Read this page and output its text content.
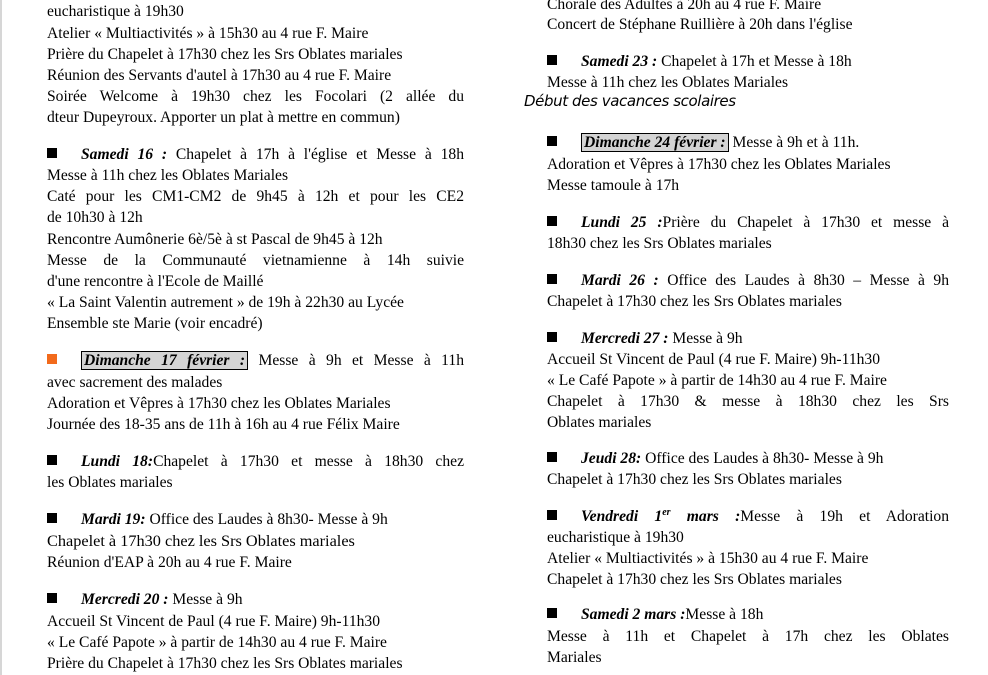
eucharistique à 19h30
Atelier « Multiactivités » à 15h30 au 4 rue F. Maire
Prière du Chapelet à 17h30 chez les Srs Oblates mariales
Réunion des Servants d'autel à 17h30 au 4 rue F. Maire
Soirée Welcome à 19h30 chez les Focolari (2 allée du
dteur Dupeyroux. Apporter un plat à mettre en commun)
Samedi 16 : Chapelet à 17h à l'église et Messe à 18h
Messe à 11h chez les Oblates Mariales
Caté pour les CM1-CM2 de 9h45 à 12h et pour les CE2
de 10h30 à 12h
Rencontre Aumônerie 6è/5è à st Pascal de 9h45 à 12h
Messe de la Communauté vietnamienne à 14h suivie
d'une rencontre à l'Ecole de Maillé
« La Saint Valentin autrement » de 19h à 22h30 au Lycée
Ensemble ste Marie (voir encadré)
Dimanche 17 février : Messe à 9h et Messe à 11h
avec sacrement des malades
Adoration et Vêpres à 17h30 chez les Oblates Mariales
Journée des 18-35 ans de 11h à 16h au 4 rue Félix Maire
Lundi 18:Chapelet à 17h30 et messe à 18h30 chez
les Oblates mariales
Mardi 19: Office des Laudes à 8h30- Messe à 9h
Chapelet à 17h30 chez les Srs Oblates mariales
Réunion d'EAP à 20h au 4 rue F. Maire
Mercredi 20 : Messe à 9h
Accueil St Vincent de Paul (4 rue F. Maire) 9h-11h30
« Le Café Papote » à partir de 14h30 au 4 rue F. Maire
Prière du Chapelet à 17h30 chez les Srs Oblates mariales
Chorale des Adultes à 20h au 4 rue F. Maire
Concert de Stéphane Ruillière à 20h dans l'église
Samedi 23 : Chapelet à 17h et Messe à 18h
Messe à 11h chez les Oblates Mariales
Dimanche 24 février : Messe à 9h et à 11h.
Adoration et Vêpres à 17h30 chez les Oblates Mariales
Messe tamoule à 17h
Lundi 25 :Prière du Chapelet à 17h30 et messe à
18h30 chez les Srs Oblates mariales
Mardi 26 : Office des Laudes à 8h30 – Messe à 9h
Chapelet à 17h30 chez les Srs Oblates mariales
Mercredi 27 : Messe à 9h
Accueil St Vincent de Paul (4 rue F. Maire) 9h-11h30
« Le Café Papote » à partir de 14h30 au 4 rue F. Maire
Chapelet à 17h30 & messe à 18h30 chez les Srs
Oblates mariales
Jeudi 28: Office des Laudes à 8h30- Messe à 9h
Chapelet à 17h30 chez les Srs Oblates mariales
Vendredi 1er mars :Messe à 19h et Adoration
eucharistique à 19h30
Atelier « Multiactivités » à 15h30 au 4 rue F. Maire
Chapelet à 17h30 chez les Srs Oblates mariales
Samedi 2 mars :Messe à 18h
Messe à 11h et Chapelet à 17h chez les Oblates
Mariales
Début des vacances scolaires
